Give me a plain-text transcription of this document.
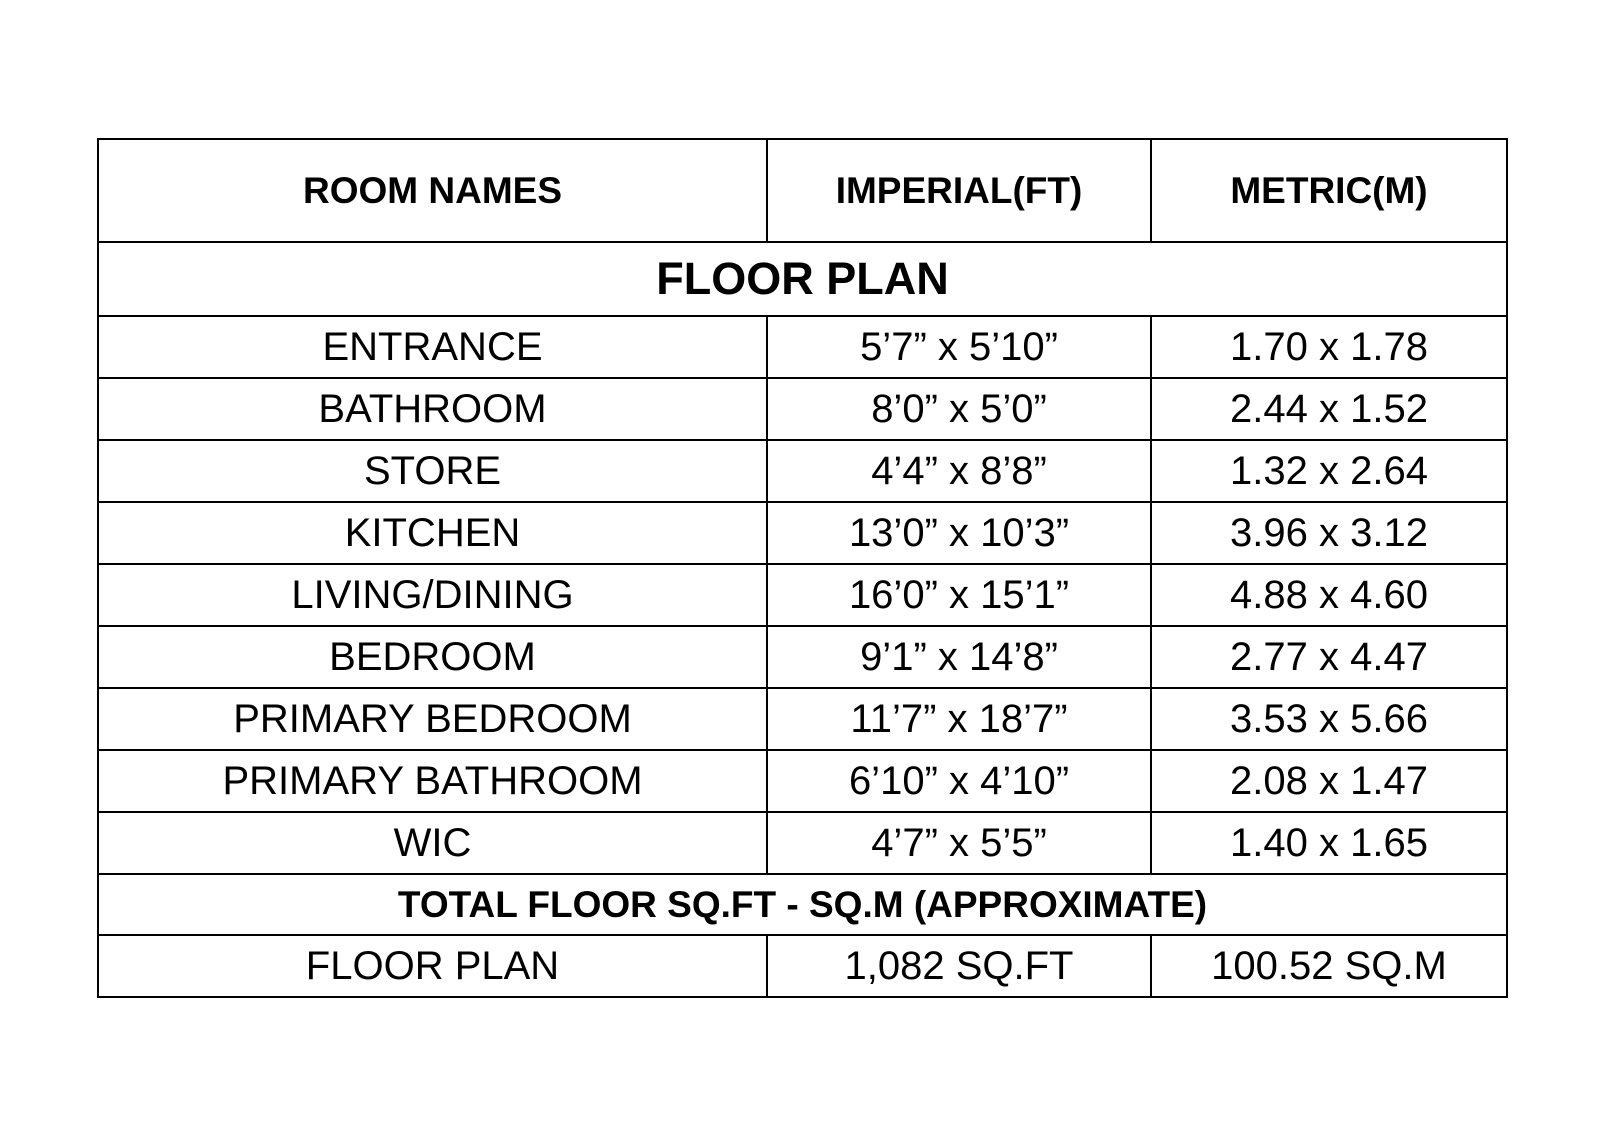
ROOM NAMES	IMPERIAL(FT)	METRIC(M)
FLOOR PLAN		
ENTRANCE	5’7” x 5’10”	1.70 x 1.78
BATHROOM	8’0” x 5’0”	2.44 x 1.52
STORE	4’4” x 8’8”	1.32 x 2.64
KITCHEN	13’0” x 10’3”	3.96 x 3.12
LIVING/DINING	16’0” x 15’1”	4.88 x 4.60
BEDROOM	9’1” x 14’8”	2.77 x 4.47
PRIMARY BEDROOM	11’7” x 18’7”	3.53 x 5.66
PRIMARY BATHROOM	6’10” x 4’10”	2.08 x 1.47
WIC	4’7” x 5’5”	1.40 x 1.65
TOTAL FLOOR SQ.FT - SQ.M (APPROXIMATE)		
FLOOR PLAN	1,082 SQ.FT	100.52 SQ.M
